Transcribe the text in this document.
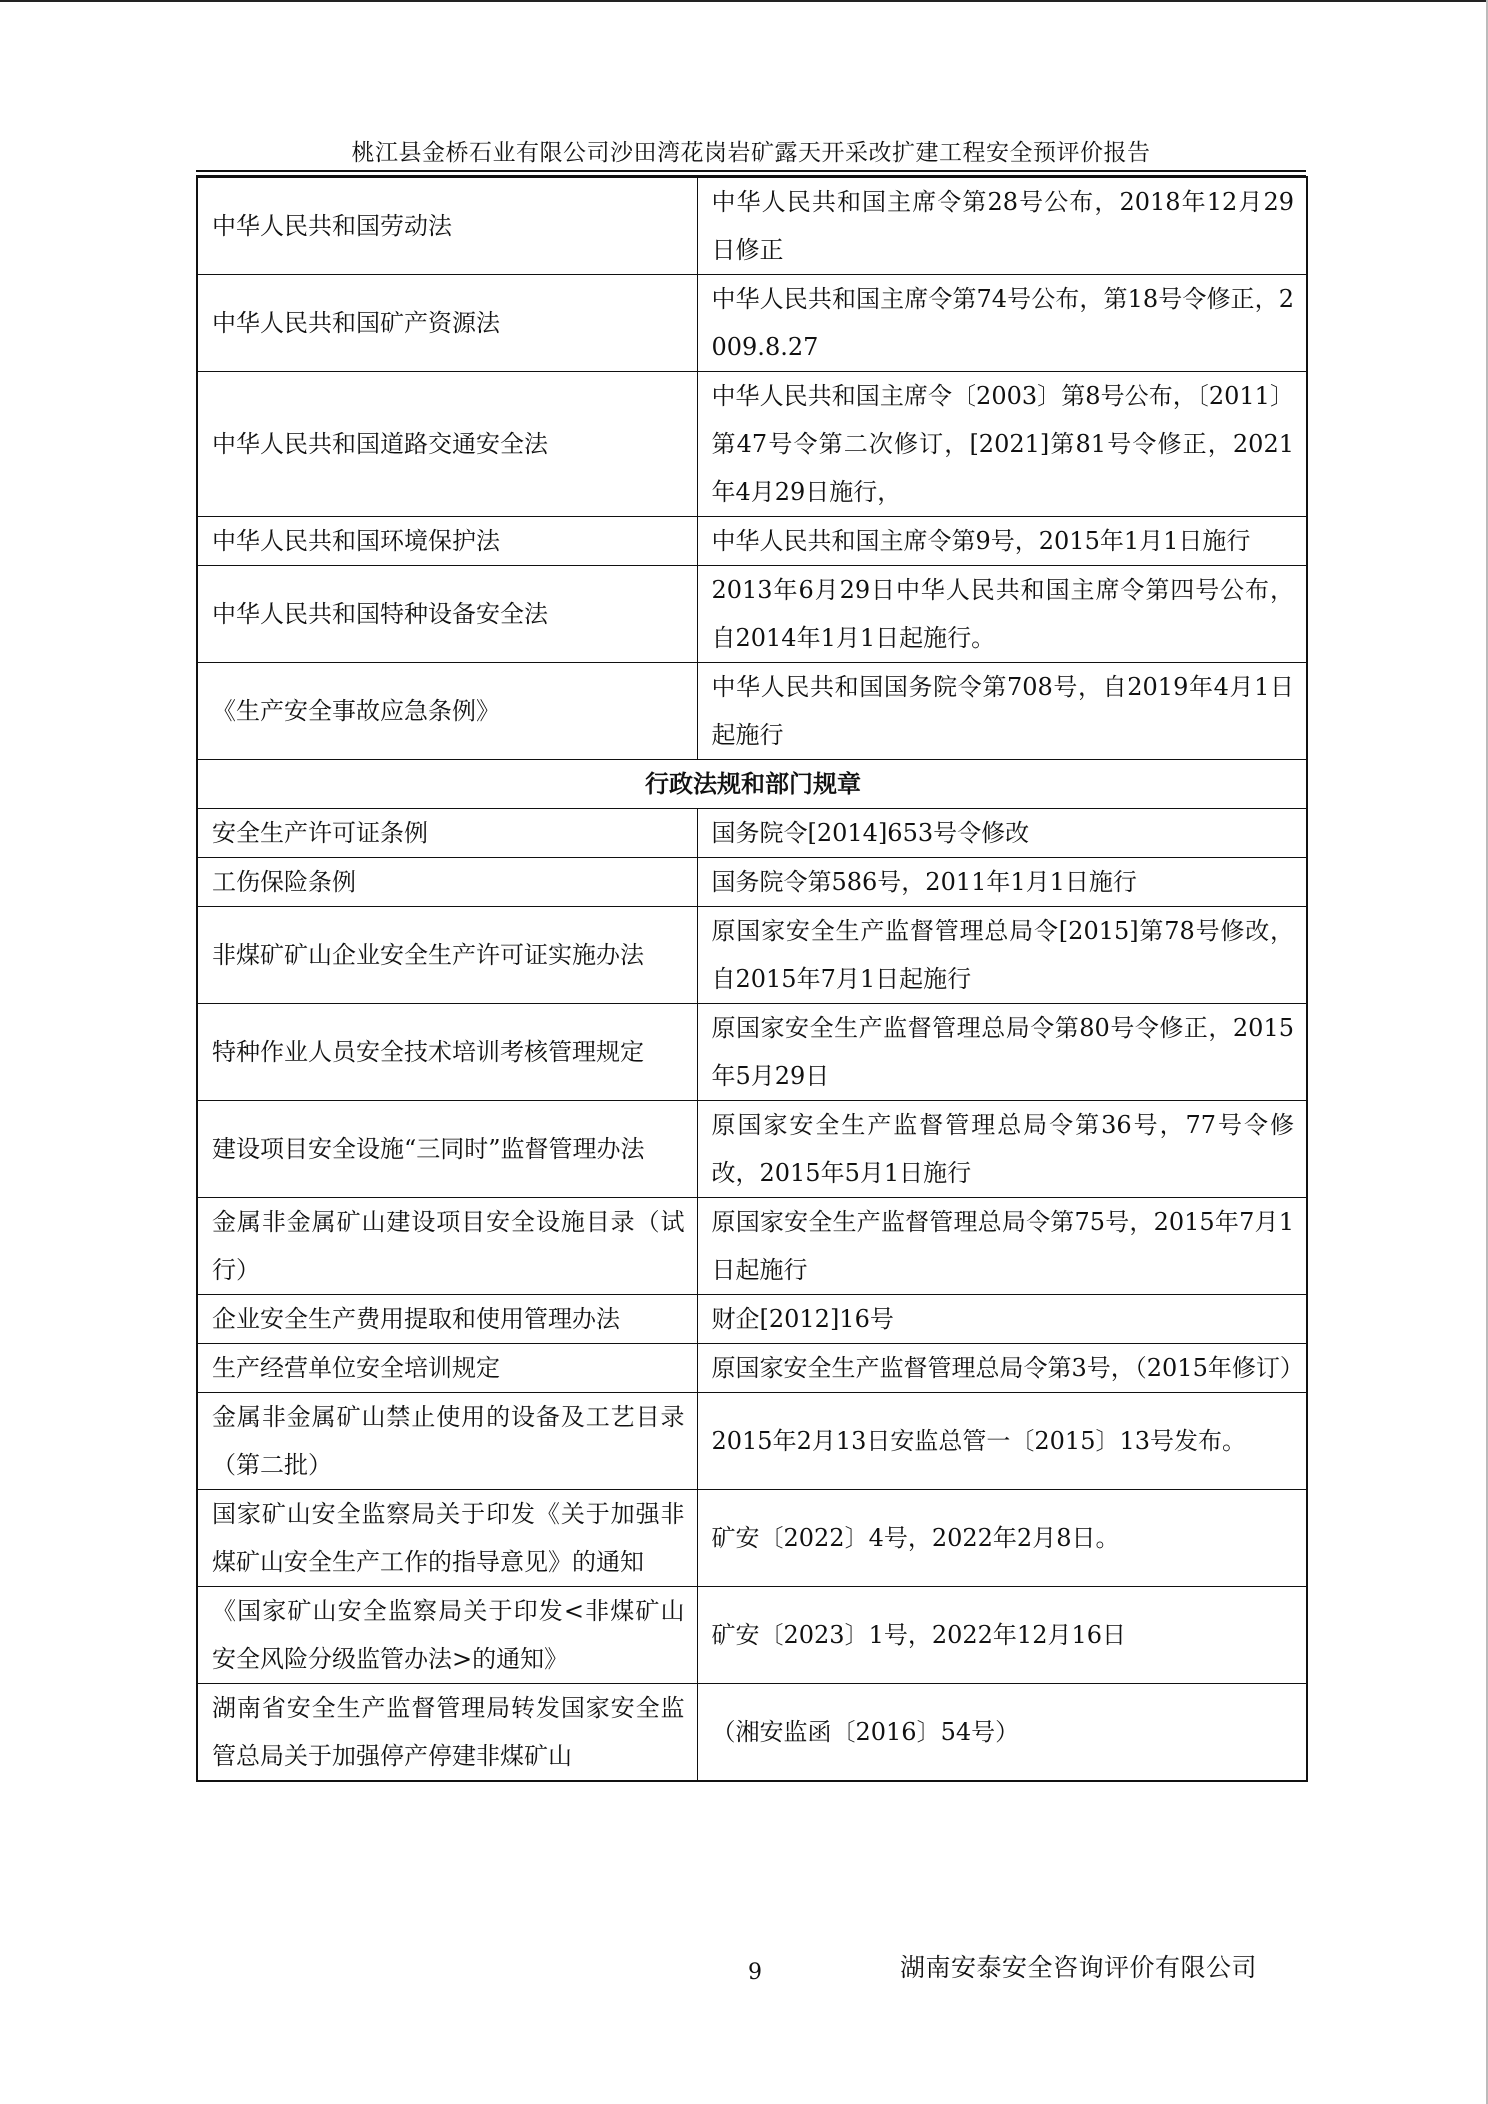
桃江县金桥石业有限公司沙田湾花岗岩矿露天开采改扩建工程安全预评价报告
中华人民共和国劳动法	中华人民共和国主席令第28号公布，2018年12月29日修正
中华人民共和国矿产资源法	中华人民共和国主席令第74号公布，第18号令修正，2009.8.27
中华人民共和国道路交通安全法	中华人民共和国主席令〔2003〕第8号公布，〔2011〕第47号令第二次修订，[2021]第81号令修正，2021年4月29日施行，
中华人民共和国环境保护法	中华人民共和国主席令第9号，2015年1月1日施行
中华人民共和国特种设备安全法	2013年6月29日中华人民共和国主席令第四号公布，自2014年1月1日起施行。
《生产安全事故应急条例》	中华人民共和国国务院令第708号，自2019年4月1日起施行
行政法规和部门规章	
安全生产许可证条例	国务院令[2014]653号令修改
工伤保险条例	国务院令第586号，2011年1月1日施行
非煤矿矿山企业安全生产许可证实施办法	原国家安全生产监督管理总局令[2015]第78号修改，自2015年7月1日起施行
特种作业人员安全技术培训考核管理规定	原国家安全生产监督管理总局令第80号令修正，2015年5月29日
建设项目安全设施“三同时”监督管理办法	原国家安全生产监督管理总局令第36号，77号令修改，2015年5月1日施行
金属非金属矿山建设项目安全设施目录（试行）	原国家安全生产监督管理总局令第75号，2015年7月1日起施行
企业安全生产费用提取和使用管理办法	财企[2012]16号
生产经营单位安全培训规定	原国家安全生产监督管理总局令第3号，（2015年修订）
金属非金属矿山禁止使用的设备及工艺目录（第二批）	2015年2月13日安监总管一〔2015〕13号发布。
国家矿山安全监察局关于印发《关于加强非煤矿山安全生产工作的指导意见》的通知	矿安〔2022〕4号，2022年2月8日。
《国家矿山安全监察局关于印发<非煤矿山安全风险分级监管办法>的通知》	矿安〔2023〕1号，2022年12月16日
湖南省安全生产监督管理局转发国家安全监管总局关于加强停产停建非煤矿山	（湘安监函〔2016〕54号）
9	湖南安泰安全咨询评价有限公司
